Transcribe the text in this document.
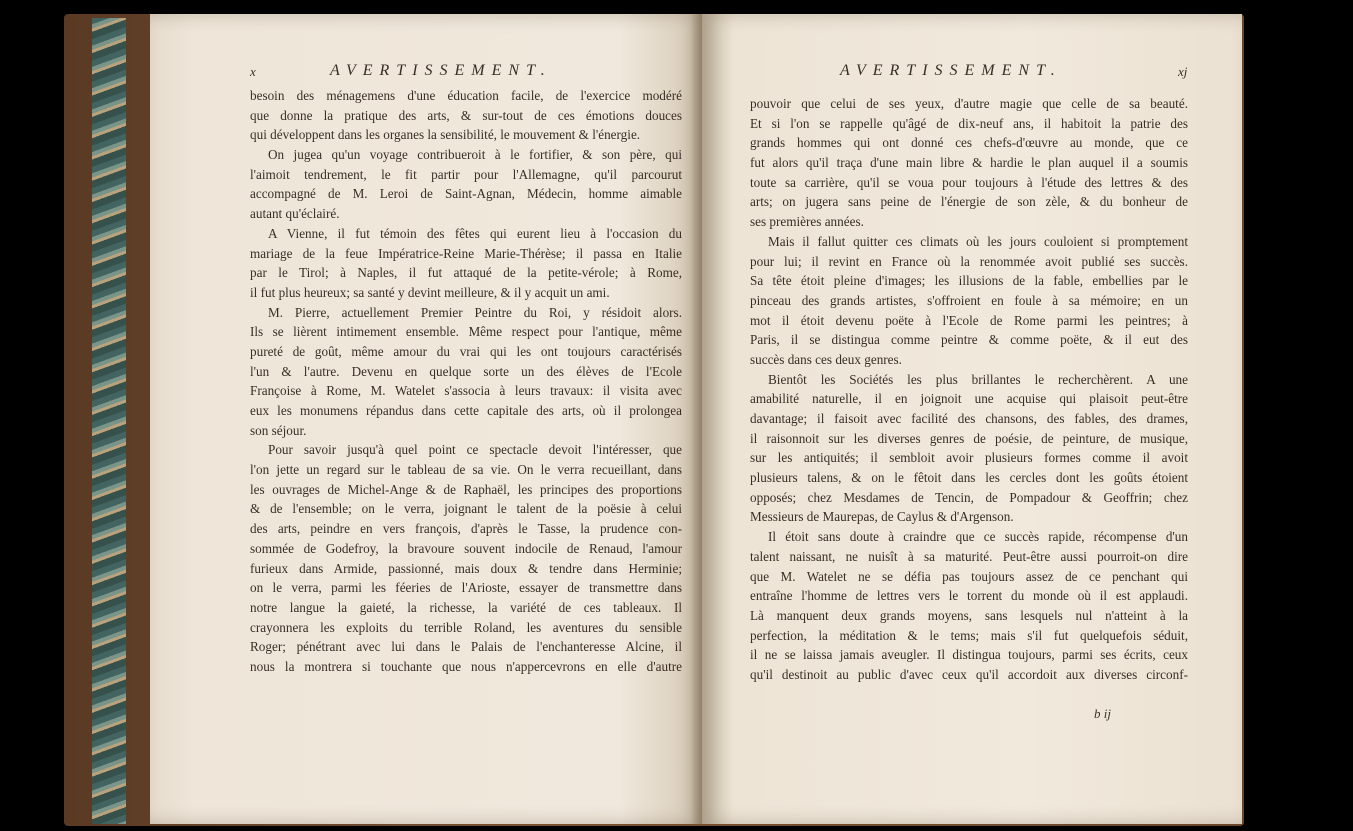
x	AVERTISSEMENT.
besoin des ménagemens d'une éducation facile, de l'exercice modéré
que donne la pratique des arts, & sur-tout de ces émotions douces
qui développent dans les organes la sensibilité, le mouvement & l'énergie.
On jugea qu'un voyage contribueroit à le fortifier, & son père, qui
l'aimoit tendrement, le fit partir pour l'Allemagne, qu'il parcourut
accompagné de M. Leroi de Saint-Agnan, Médecin, homme aimable
autant qu'éclairé.
A Vienne, il fut témoin des fêtes qui eurent lieu à l'occasion du
mariage de la feue Impératrice-Reine Marie-Thérèse; il passa en Italie
par le Tirol; à Naples, il fut attaqué de la petite-vérole; à Rome,
il fut plus heureux; sa santé y devint meilleure, & il y acquit un ami.
M. Pierre, actuellement Premier Peintre du Roi, y résidoit alors.
Ils se lièrent intimement ensemble. Même respect pour l'antique, même
pureté de goût, même amour du vrai qui les ont toujours caractérisés
l'un & l'autre. Devenu en quelque sorte un des élèves de l'Ecole
Françoise à Rome, M. Watelet s'associa à leurs travaux: il visita avec
eux les monumens répandus dans cette capitale des arts, où il prolongea
son séjour.
Pour savoir jusqu'à quel point ce spectacle devoit l'intéresser, que
l'on jette un regard sur le tableau de sa vie. On le verra recueillant, dans
les ouvrages de Michel-Ange & de Raphaël, les principes des proportions
& de l'ensemble; on le verra, joignant le talent de la poësie à celui
des arts, peindre en vers françois, d'après le Tasse, la prudence con-
sommée de Godefroy, la bravoure souvent indocile de Renaud, l'amour
furieux dans Armide, passionné, mais doux & tendre dans Herminie;
on le verra, parmi les féeries de l'Arioste, essayer de transmettre dans
notre langue la gaieté, la richesse, la variété de ces tableaux. Il
crayonnera les exploits du terrible Roland, les aventures du sensible
Roger; pénétrant avec lui dans le Palais de l'enchanteresse Alcine, il
nous la montrera si touchante que nous n'appercevrons en elle d'autre
AVERTISSEMENT.	xj
pouvoir que celui de ses yeux, d'autre magie que celle de sa beauté.
Et si l'on se rappelle qu'âgé de dix-neuf ans, il habitoit la patrie des
grands hommes qui ont donné ces chefs-d'œuvre au monde, que ce
fut alors qu'il traça d'une main libre & hardie le plan auquel il a soumis
toute sa carrière, qu'il se voua pour toujours à l'étude des lettres & des
arts; on jugera sans peine de l'énergie de son zèle, & du bonheur de
ses premières années.
Mais il fallut quitter ces climats où les jours couloient si promptement
pour lui; il revint en France où la renommée avoit publié ses succès.
Sa tête étoit pleine d'images; les illusions de la fable, embellies par le
pinceau des grands artistes, s'offroient en foule à sa mémoire; en un
mot il étoit devenu poëte à l'Ecole de Rome parmi les peintres; à
Paris, il se distingua comme peintre & comme poëte, & il eut des
succès dans ces deux genres.
Bientôt les Sociétés les plus brillantes le recherchèrent. A une
amabilité naturelle, il en joignoit une acquise qui plaisoit peut-être
davantage; il faisoit avec facilité des chansons, des fables, des drames,
il raisonnoit sur les diverses genres de poésie, de peinture, de musique,
sur les antiquités; il sembloit avoir plusieurs formes comme il avoit
plusieurs talens, & on le fêtoit dans les cercles dont les goûts étoient
opposés; chez Mesdames de Tencin, de Pompadour & Geoffrin; chez
Messieurs de Maurepas, de Caylus & d'Argenson.
Il étoit sans doute à craindre que ce succès rapide, récompense d'un
talent naissant, ne nuisît à sa maturité. Peut-être aussi pourroit-on dire
que M. Watelet ne se défia pas toujours assez de ce penchant qui
entraîne l'homme de lettres vers le torrent du monde où il est applaudi.
Là manquent deux grands moyens, sans lesquels nul n'atteint à la
perfection, la méditation & le tems; mais s'il fut quelquefois séduit,
il ne se laissa jamais aveugler. Il distingua toujours, parmi ses écrits, ceux
qu'il destinoit au public d'avec ceux qu'il accordoit aux diverses circonf-
b ij
